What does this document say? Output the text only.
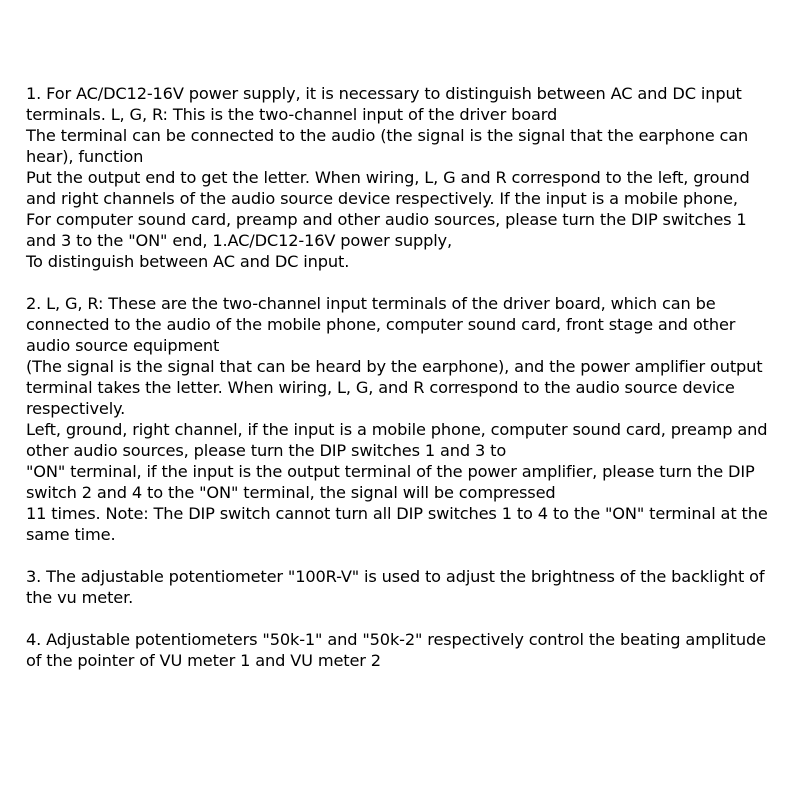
1. For AC/DC12-16V power supply, it is necessary to distinguish between AC and DC input terminals. L, G, R: This is the two-channel input of the driver board
The terminal can be connected to the audio (the signal is the signal that the earphone can hear), function
Put the output end to get the letter. When wiring, L, G and R correspond to the left, ground and right channels of the audio source device respectively. If the input is a mobile phone,
For computer sound card, preamp and other audio sources, please turn the DIP switches 1 and 3 to the "ON" end, 1.AC/DC12-16V power supply,
To distinguish between AC and DC input.
2. L, G, R: These are the two-channel input terminals of the driver board, which can be connected to the audio of the mobile phone, computer sound card, front stage and other audio source equipment
(The signal is the signal that can be heard by the earphone), and the power amplifier output terminal takes the letter. When wiring, L, G, and R correspond to the audio source device respectively.
Left, ground, right channel, if the input is a mobile phone, computer sound card, preamp and other audio sources, please turn the DIP switches 1 and 3 to
"ON" terminal, if the input is the output terminal of the power amplifier, please turn the DIP switch 2 and 4 to the "ON" terminal, the signal will be compressed
11 times. Note: The DIP switch cannot turn all DIP switches 1 to 4 to the "ON" terminal at the same time.
3. The adjustable potentiometer "100R-V" is used to adjust the brightness of the backlight of the vu meter.
4. Adjustable potentiometers "50k-1" and "50k-2" respectively control the beating amplitude of the pointer of VU meter 1 and VU meter 2
